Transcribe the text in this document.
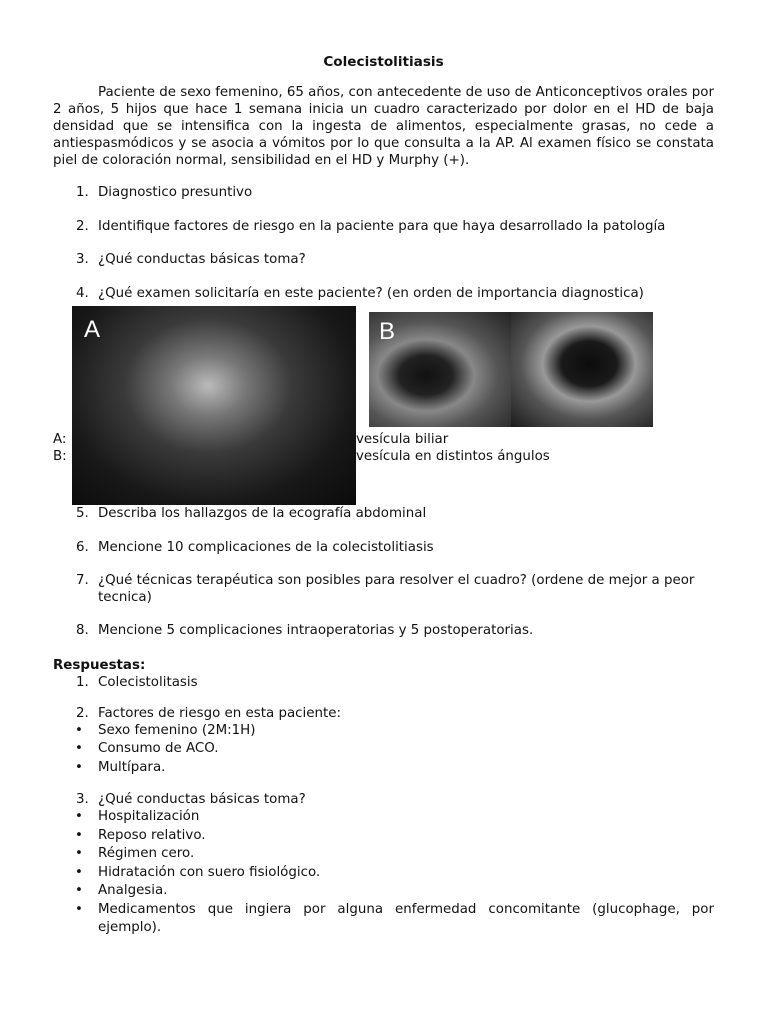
Colecistolitiasis
Paciente de sexo femenino, 65 años, con antecedente de uso de Anticonceptivos orales por 2 años, 5 hijos que hace 1 semana inicia un cuadro caracterizado por dolor en el HD de baja densidad que se intensifica con la ingesta de alimentos, especialmente grasas, no cede a antiespasmódicos y se asocia a vómitos por lo que consulta a la AP. Al examen físico se constata piel de coloración normal, sensibilidad en el HD y Murphy (+).
1. Diagnostico presuntivo
2. Identifique factores de riesgo en la paciente para que haya desarrollado la patología
3. ¿Qué conductas básicas toma?
4. ¿Qué examen solicitaría en este paciente? (en orden de importancia diagnostica)
A:	vesícula biliar
B:	vesícula en distintos ángulos
A	B
5. Describa los hallazgos de la ecografía abdominal
6. Mencione 10 complicaciones de la colecistolitiasis
7. ¿Qué técnicas terapéutica son posibles para resolver el cuadro? (ordene de mejor a peor tecnica)
8. Mencione 5 complicaciones intraoperatorias y 5 postoperatorias.
Respuestas:
1. Colecistolitasis
2. Factores de riesgo en esta paciente:
• Sexo femenino (2M:1H)
• Consumo de ACO.
• Multípara.
3. ¿Qué conductas básicas toma?
• Hospitalización
• Reposo relativo.
• Régimen cero.
• Hidratación con suero fisiológico.
• Analgesia.
• Medicamentos que ingiera por alguna enfermedad concomitante (glucophage, por ejemplo).
